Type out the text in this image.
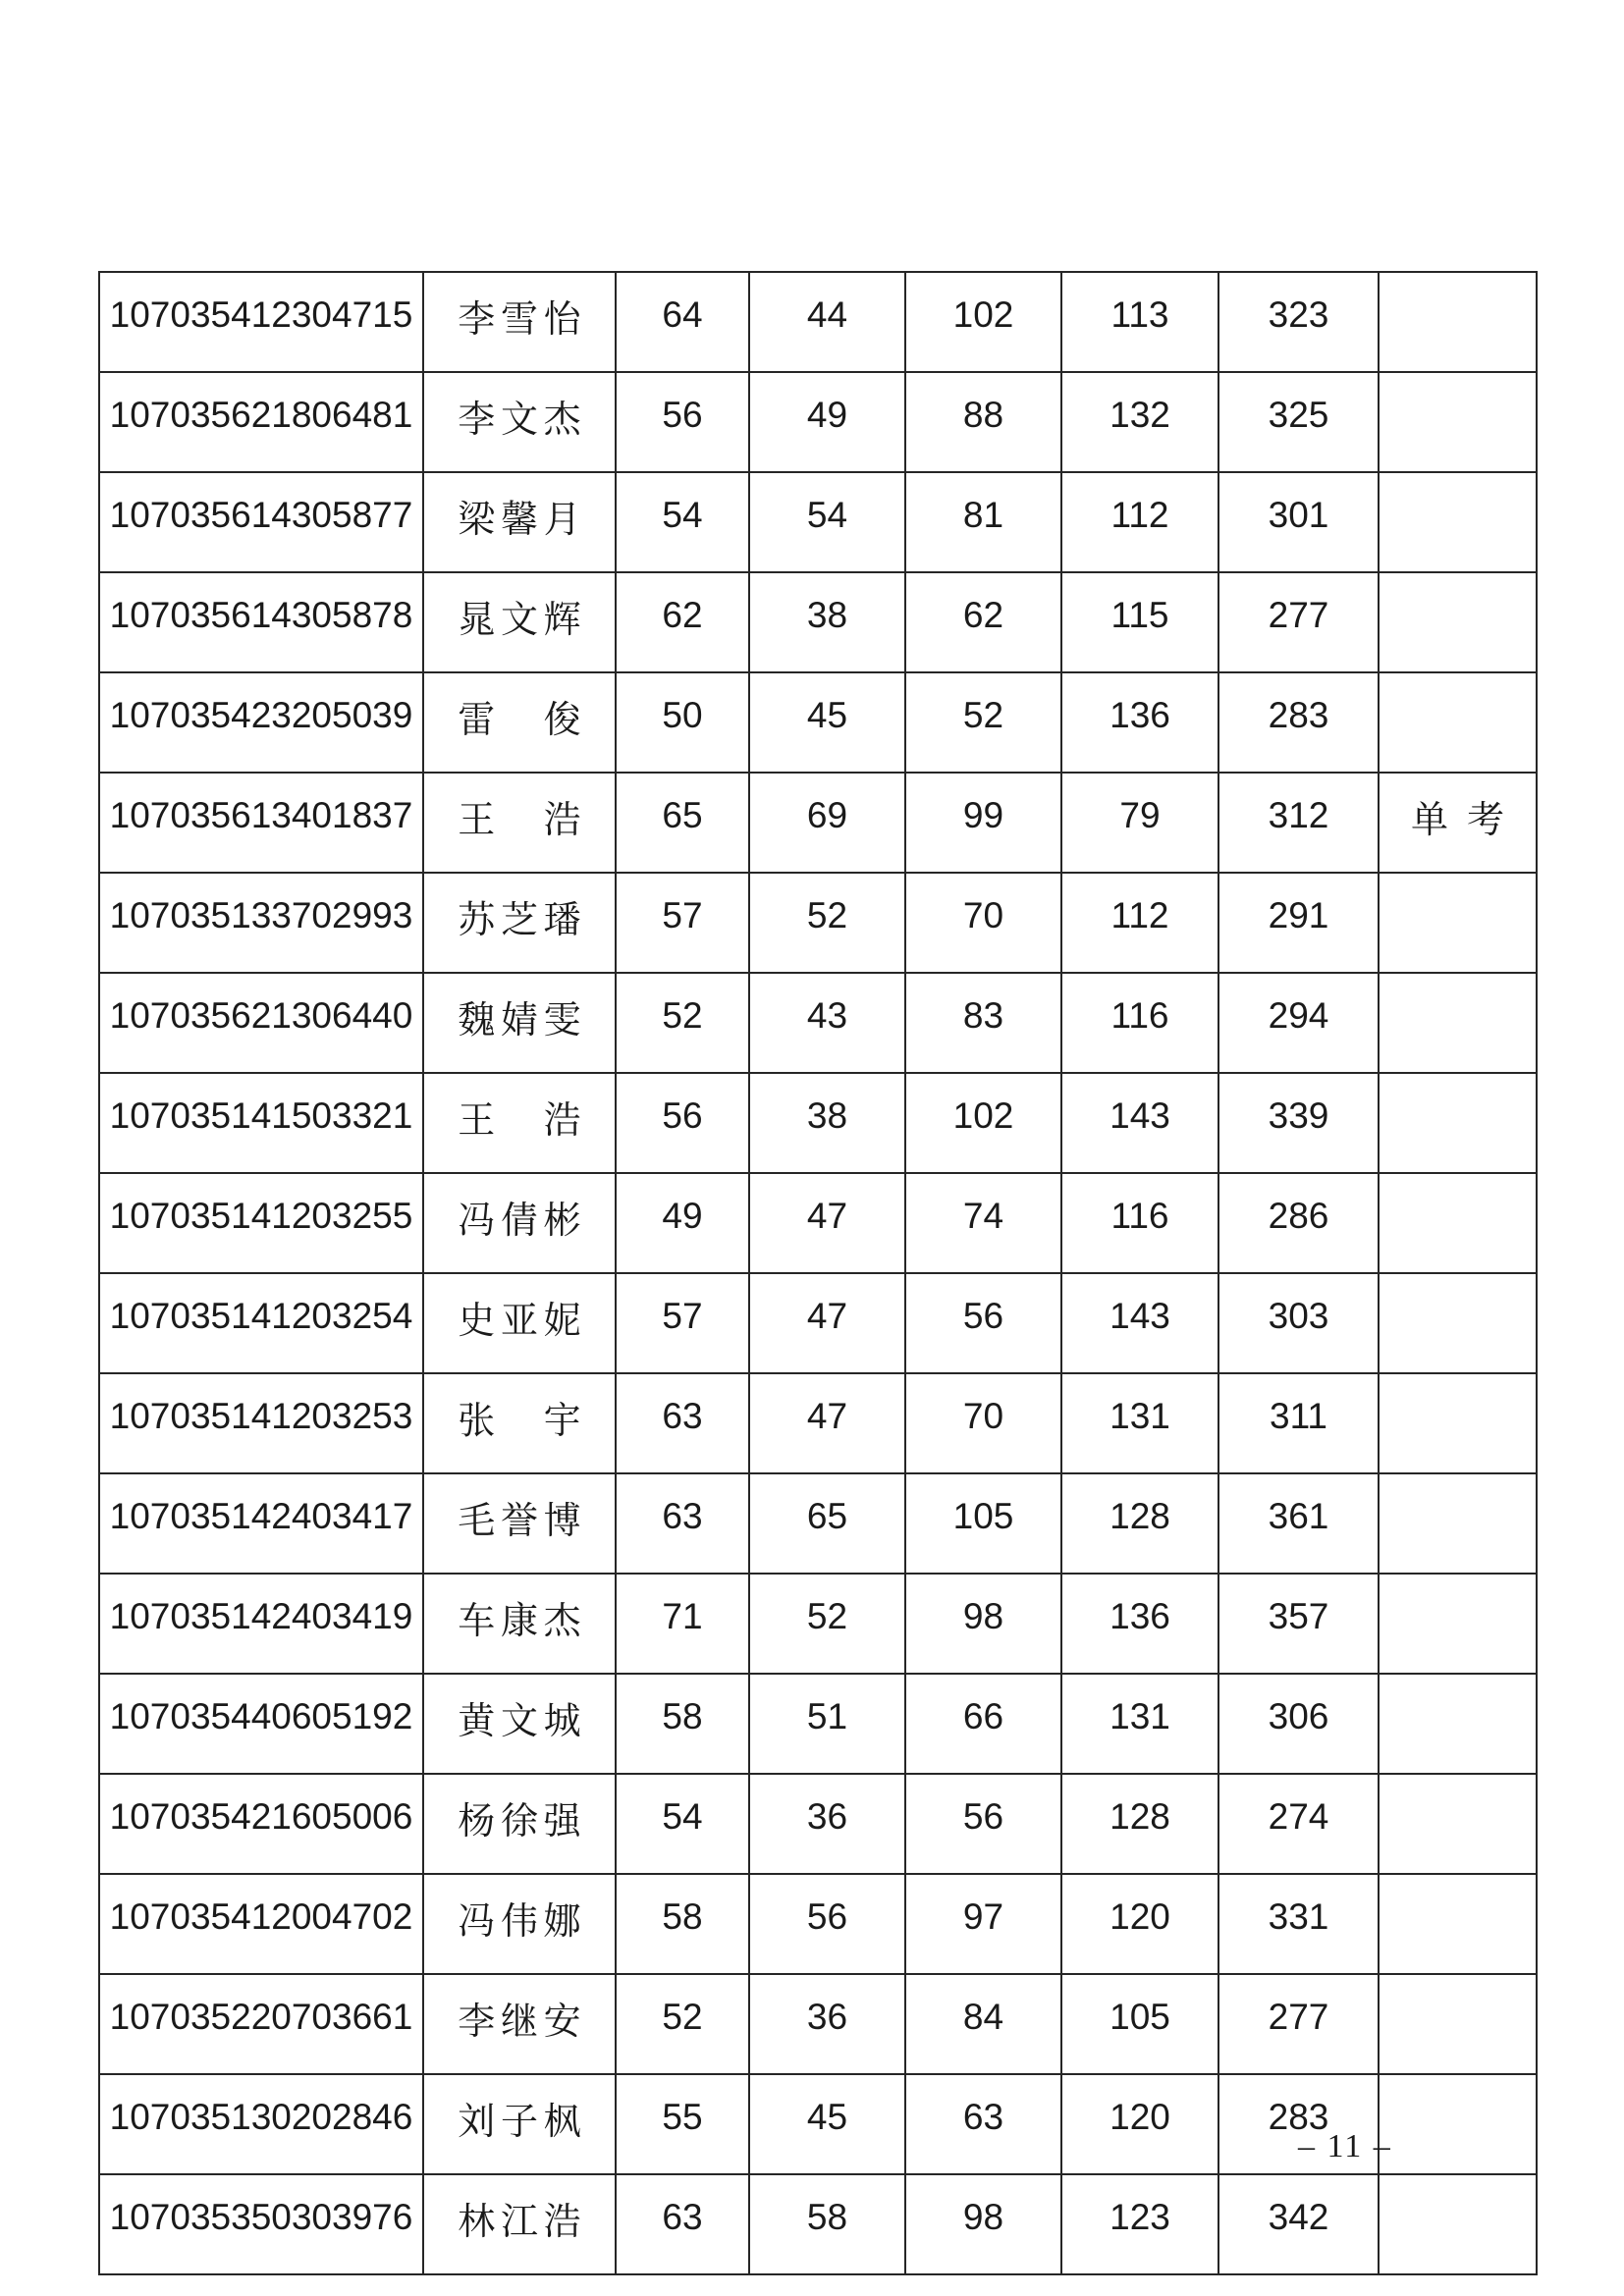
107035412304715	李雪怡	64	44	102	113	323	
107035621806481	李文杰	56	49	88	132	325	
107035614305877	梁馨月	54	54	81	112	301	
107035614305878	晁文辉	62	38	62	115	277	
107035423205039	雷俊	50	45	52	136	283	
107035613401837	王浩	65	69	99	79	312	单考
107035133702993	苏芝璠	57	52	70	112	291	
107035621306440	魏婧雯	52	43	83	116	294	
107035141503321	王浩	56	38	102	143	339	
107035141203255	冯倩彬	49	47	74	116	286	
107035141203254	史亚妮	57	47	56	143	303	
107035141203253	张宇	63	47	70	131	311	
107035142403417	毛誉博	63	65	105	128	361	
107035142403419	车康杰	71	52	98	136	357	
107035440605192	黄文城	58	51	66	131	306	
107035421605006	杨徐强	54	36	56	128	274	
107035412004702	冯伟娜	58	56	97	120	331	
107035220703661	李继安	52	36	84	105	277	
107035130202846	刘子枫	55	45	63	120	283	
107035350303976	林江浩	63	58	98	123	342	
– 11 –
